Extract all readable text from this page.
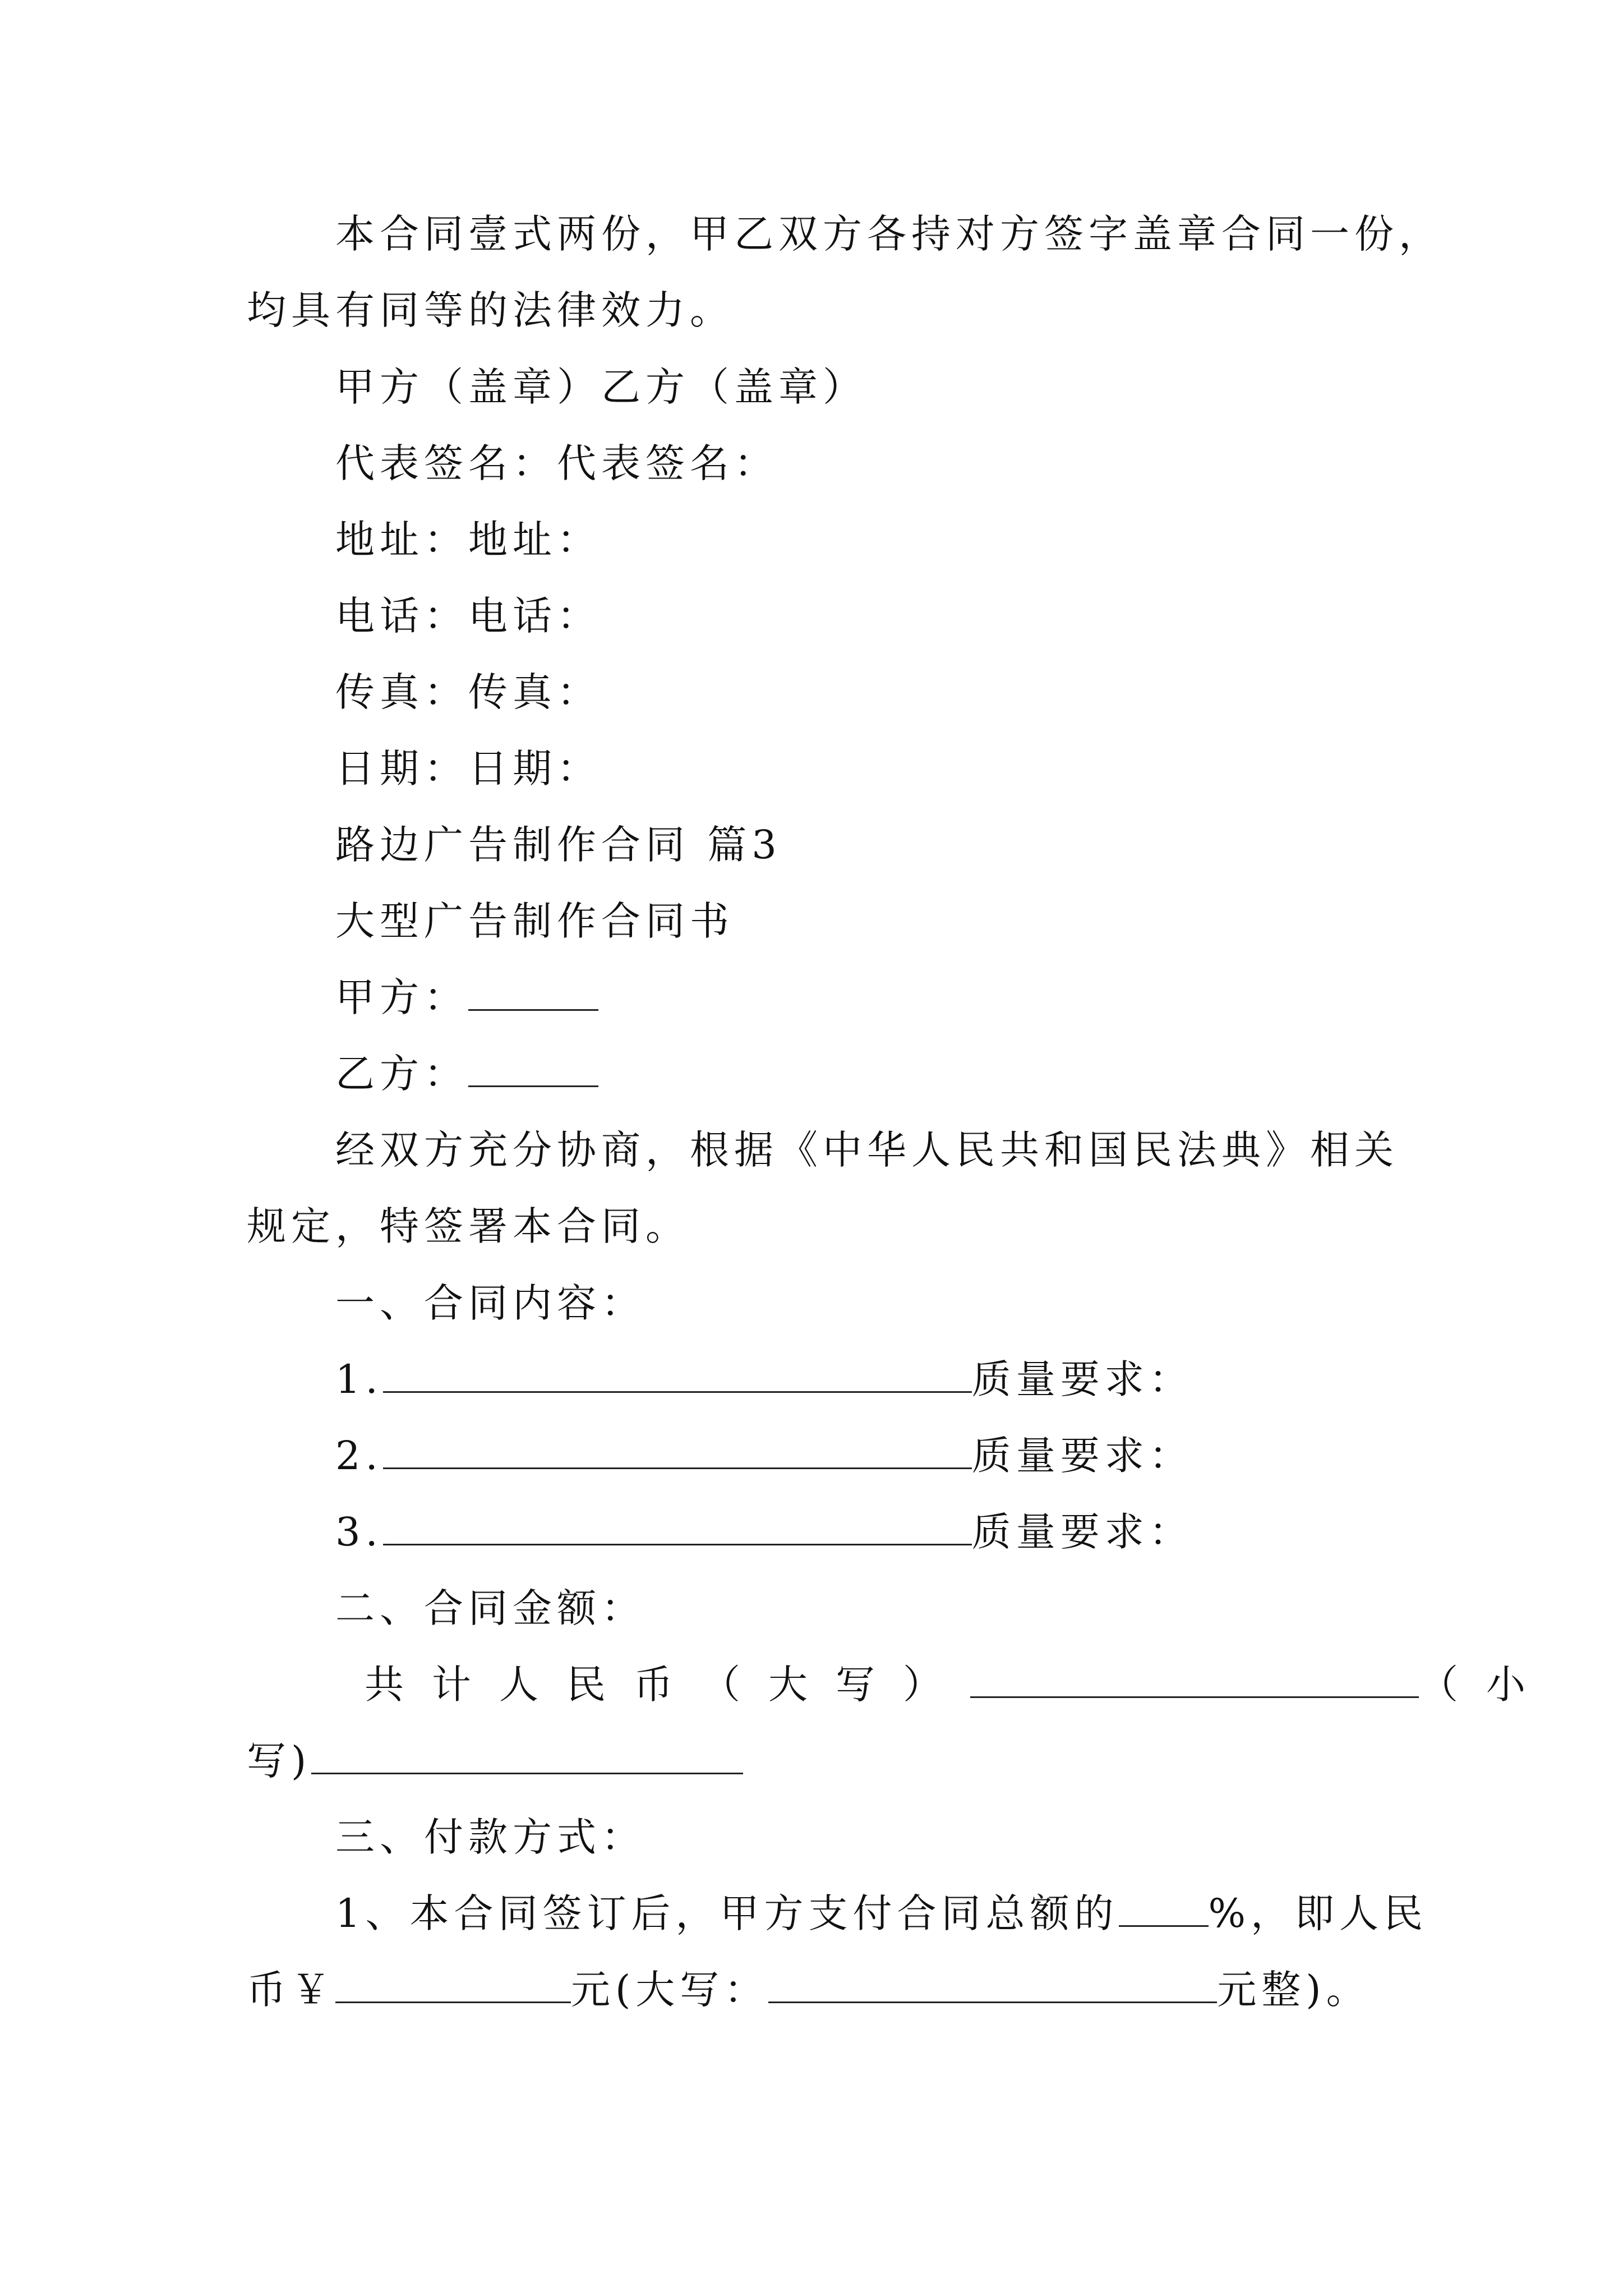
本合同壹式两份，甲乙双方各持对方签字盖章合同一份，
均具有同等的法律效力。
甲方（盖章）乙方（盖章）
代表签名：代表签名：
地址：地址：
电话：电话：
传真：传真：
日期：日期：
路边广告制作合同 篇3
大型广告制作合同书
甲方：
乙方：
经双方充分协商，根据《中华人民共和国民法典》相关
规定，特签署本合同。
一、合同内容：
1.	质量要求：
2.	质量要求：
3.	质量要求：
二、合同金额：
共计人民币（大写）	（小
写)
三、付款方式：
1、本合同签订后，甲方支付合同总额的 %，即人民
币￥	元(大写：	元整)。
